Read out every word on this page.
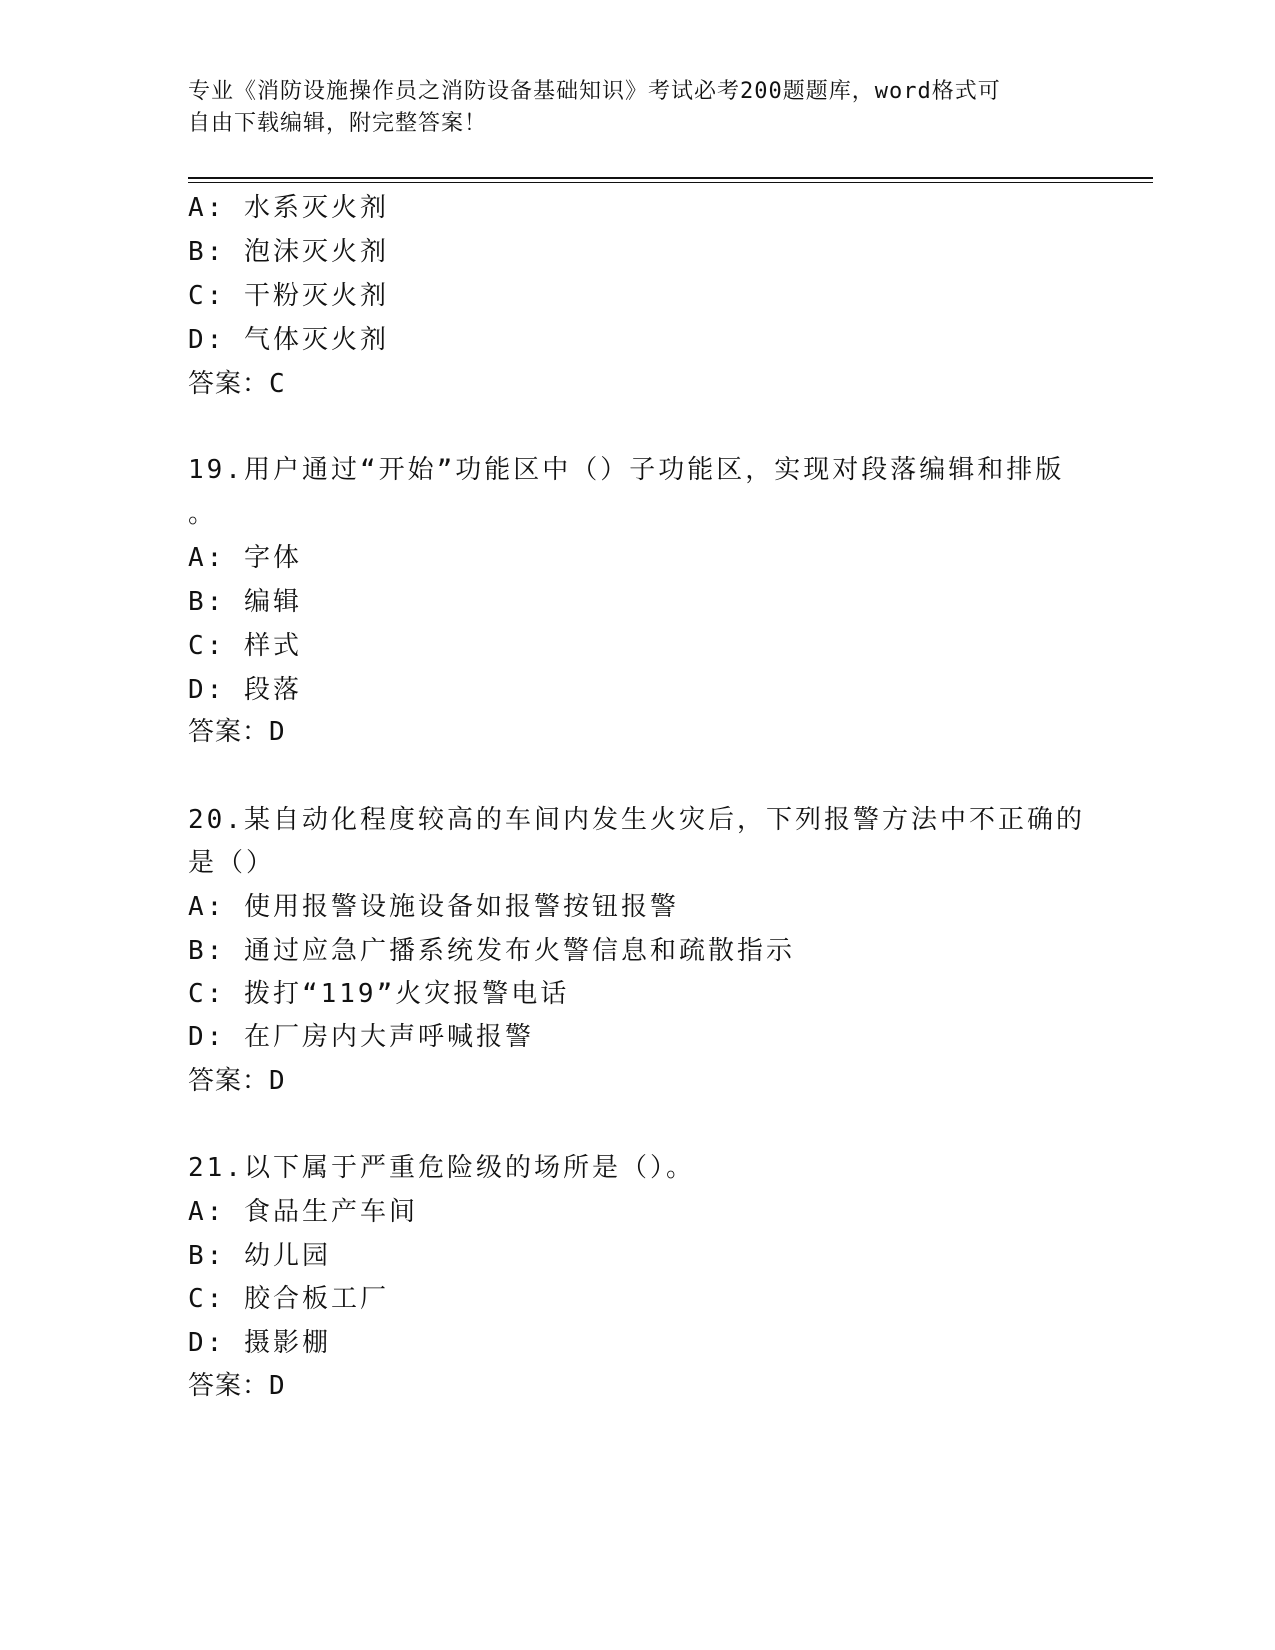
专业《消防设施操作员之消防设备基础知识》考试必考200题题库，word格式可
自由下载编辑，附完整答案！
A: 水系灭火剂
B: 泡沫灭火剂
C: 干粉灭火剂
D: 气体灭火剂
答案：C
19.用户通过“开始”功能区中（）子功能区，实现对段落编辑和排版
。
A: 字体
B: 编辑
C: 样式
D: 段落
答案：D
20.某自动化程度较高的车间内发生火灾后，下列报警方法中不正确的
是（）
A: 使用报警设施设备如报警按钮报警
B: 通过应急广播系统发布火警信息和疏散指示
C: 拨打“119”火灾报警电话
D: 在厂房内大声呼喊报警
答案：D
21.以下属于严重危险级的场所是（）。
A: 食品生产车间
B: 幼儿园
C: 胶合板工厂
D: 摄影棚
答案：D
